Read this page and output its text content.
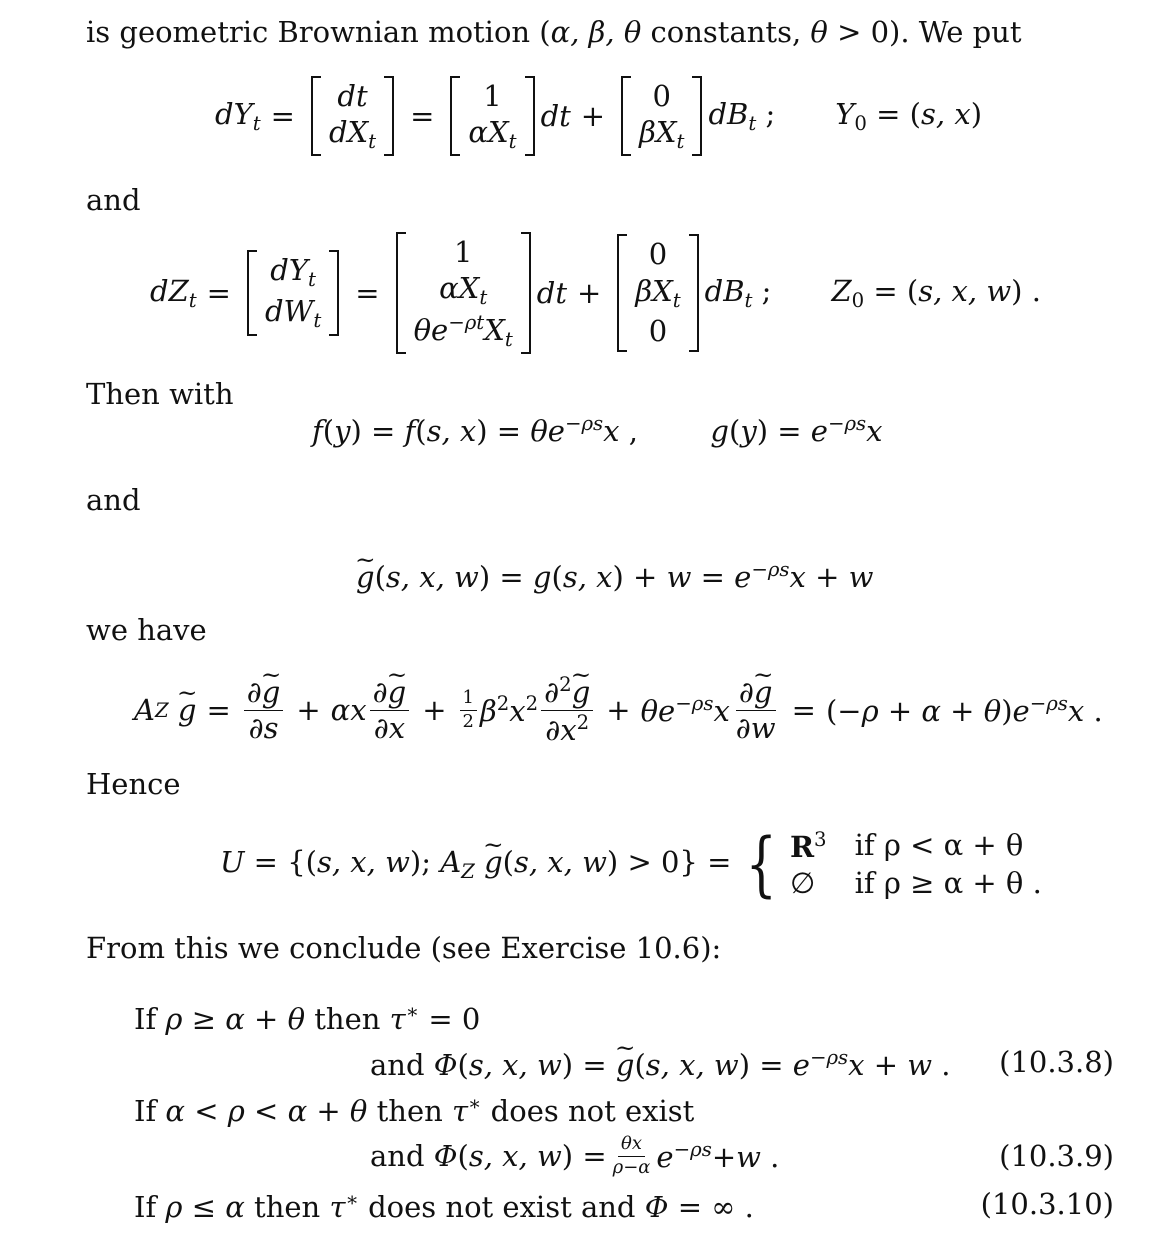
is geometric Brownian motion (α, β, θ constants, θ > 0). We put
$dY_t$ =
dt
$dX_t$
=
1
$\alpha X_t$
dt +
0
$\beta X_t$
$dB_t$ ; $Y_0 = (s$, x)
and
$dZ_t$ =
$dY_t$
$dW_t$
=
1
$\alpha X_t$
$\theta e^{-\rho t}X_t$
dt +
0
$\beta X_t$
0
$dB_t$ ; $Z_0 = (s$, x, w) .
Then with
f(y) = f(s, $x) = \theta e^{-\rho s}x$ ,  $g(y) = e^{-\rho s}x$
and
~ g(s, x, w) = g(s, $x) + w = e^{-\rho s}x + w$
we have
A Z
~ $g = \frac{\partial\sim g}{\partial s} + \alpha x \frac{\partial\sim g}{\partial x} + \frac{1}{2} \beta^2x^2 \frac{\partial^2\sim g}{\partial x^2} + \theta e^{-\rho s}x \frac{\partial\sim g}{\partial w} = (-\rho + \alpha + \theta)e^{-\rho s}x$ .
Hence
U = {(s, x, w); $A_Z$ ~ g(s, x, w) > 0} = { $R^3$ if ρ < α + θ
∅	if ρ ≥ α + θ .
From this we conclude (see Exercise 10.6):
If ρ ≥ α + θ then τ∗ = 0
and Φ(s, x, w) = ~ g(s, x, $w) = e^{-\rho s}x + w$ . (10.3.8)
If α < ρ < α + θ then τ∗ does not exist
and Φ(s, x, $w) = \frac{\theta x}{\rho-\alpha} e^{-\rho s}+w$ .	(10.3.9)
If ρ ≤ α then τ∗ does not exist and Φ = ∞ .	(10.3.10)
